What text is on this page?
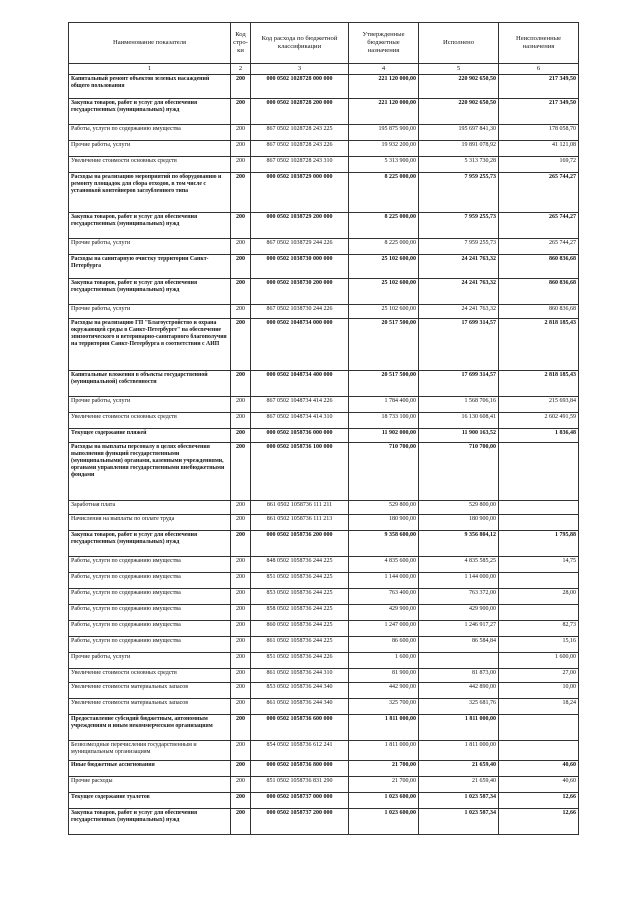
Наименование показателя	Код стро-ки	Код расхода по бюджетной классификации	Утвержденные бюджетные назначения	Исполнено	Неисполненные назначения
1	2	3	4	5	6
Капитальный ремонт объектов зеленых насаждений общего пользования	200	000 0502 1028728 000 000	221 120 000,00	220 902 650,50	217 349,50
Закупка товаров, работ и услуг для обеспечения государственных (муниципальных) нужд	200	000 0502 1028728 200 000	221 120 000,00	220 902 650,50	217 349,50
Работы, услуги по содержанию имущества	200	867 0502 1028728 243 225	195 875 900,00	195 697 841,30	178 058,70
Прочие работы, услуги	200	867 0502 1028728 243 226	19 932 200,00	19 891 078,92	41 121,08
Увеличение стоимости основных средств	200	867 0502 1028728 243 310	5 313 900,00	5 313 730,28	169,72
Расходы на реализацию мероприятий по оборудованию и ремонту площадок для сбора отходов, в том числе с установкой контейнеров заглубленного типа	200	000 0502 1038729 000 000	8 225 000,00	7 959 255,73	265 744,27
Закупка товаров, работ и услуг для обеспечения государственных (муниципальных) нужд	200	000 0502 1038729 200 000	8 225 000,00	7 959 255,73	265 744,27
Прочие работы, услуги	200	867 0502 1038729 244 226	8 225 000,00	7 959 255,73	265 744,27
Расходы на санитарную очистку территории Санкт-Петербурга	200	000 0502 1038730 000 000	25 102 600,00	24 241 763,32	860 836,68
Закупка товаров, работ и услуг для обеспечения государственных (муниципальных) нужд	200	000 0502 1038730 200 000	25 102 600,00	24 241 763,32	860 836,68
Прочие работы, услуги	200	867 0502 1038730 244 226	25 102 600,00	24 241 763,32	860 836,68
Расходы на реализацию ГП "Благоустройство и охрана окружающей среды в Санкт-Петербурге" на обеспечение эпизоотического и ветеринарно-санитарного благополучия на территории Санкт-Петербурга в соответствии с АИП	200	000 0502 1048734 000 000	20 517 500,00	17 699 314,57	2 818 185,43
Капитальные вложения в объекты государственной (муниципальной) собственности	200	000 0502 1048734 400 000	20 517 500,00	17 699 314,57	2 818 185,43
Прочие работы, услуги	200	867 0502 1048734 414 226	1 784 400,00	1 568 706,16	215 693,84
Увеличение стоимости основных средств	200	867 0502 1048734 414 310	18 733 100,00	16 130 608,41	2 602 491,59
Текущее содержание пляжей	200	000 0502 1058736 000 000	11 902 000,00	11 900 163,52	1 836,48
Расходы на выплаты персоналу в целях обеспечения выполнения функций государственными (муниципальными) органами, казенными учреждениями, органами управления государственными внебюджетными фондами	200	000 0502 1058736 100 000	710 700,00	710 700,00	
Заработная плата	200	861 0502 1058736 111 211	529 800,00	529 800,00	
Начисления на выплаты по оплате труда	200	861 0502 1058736 111 213	180 900,00	180 900,00	
Закупка товаров, работ и услуг для обеспечения государственных (муниципальных) нужд	200	000 0502 1058736 200 000	9 358 600,00	9 356 804,12	1 795,88
Работы, услуги по содержанию имущества	200	848 0502 1058736 244 225	4 835 600,00	4 835 585,25	14,75
Работы, услуги по содержанию имущества	200	851 0502 1058736 244 225	1 144 000,00	1 144 000,00	
Работы, услуги по содержанию имущества	200	853 0502 1058736 244 225	763 400,00	763 372,00	28,00
Работы, услуги по содержанию имущества	200	858 0502 1058736 244 225	429 900,00	429 900,00	
Работы, услуги по содержанию имущества	200	860 0502 1058736 244 225	1 247 000,00	1 246 917,27	82,73
Работы, услуги по содержанию имущества	200	861 0502 1058736 244 225	86 600,00	86 584,84	15,16
Прочие работы, услуги	200	851 0502 1058736 244 226	1 600,00		1 600,00
Увеличение стоимости основных средств	200	861 0502 1058736 244 310	81 900,00	81 873,00	27,00
Увеличение стоимости материальных запасов	200	853 0502 1058736 244 340	442 900,00	442 890,00	10,00
Увеличение стоимости материальных запасов	200	861 0502 1058736 244 340	325 700,00	325 681,76	18,24
Предоставление субсидий бюджетным, автономным учреждениям и иным некоммерческим организациям	200	000 0502 1058736 600 000	1 811 000,00	1 811 000,00	
Безвозмездные перечисления государственным и муниципальным организациям	200	854 0502 1058736 612 241	1 811 000,00	1 811 000,00	
Иные бюджетные ассигнования	200	000 0502 1058736 800 000	21 700,00	21 659,40	40,60
Прочие расходы	200	851 0502 1058736 831 290	21 700,00	21 659,40	40,60
Текущее содержание туалетов	200	000 0502 1058737 000 000	1 023 600,00	1 023 587,34	12,66
Закупка товаров, работ и услуг для обеспечения государственных (муниципальных) нужд	200	000 0502 1058737 200 000	1 023 600,00	1 023 587,34	12,66
